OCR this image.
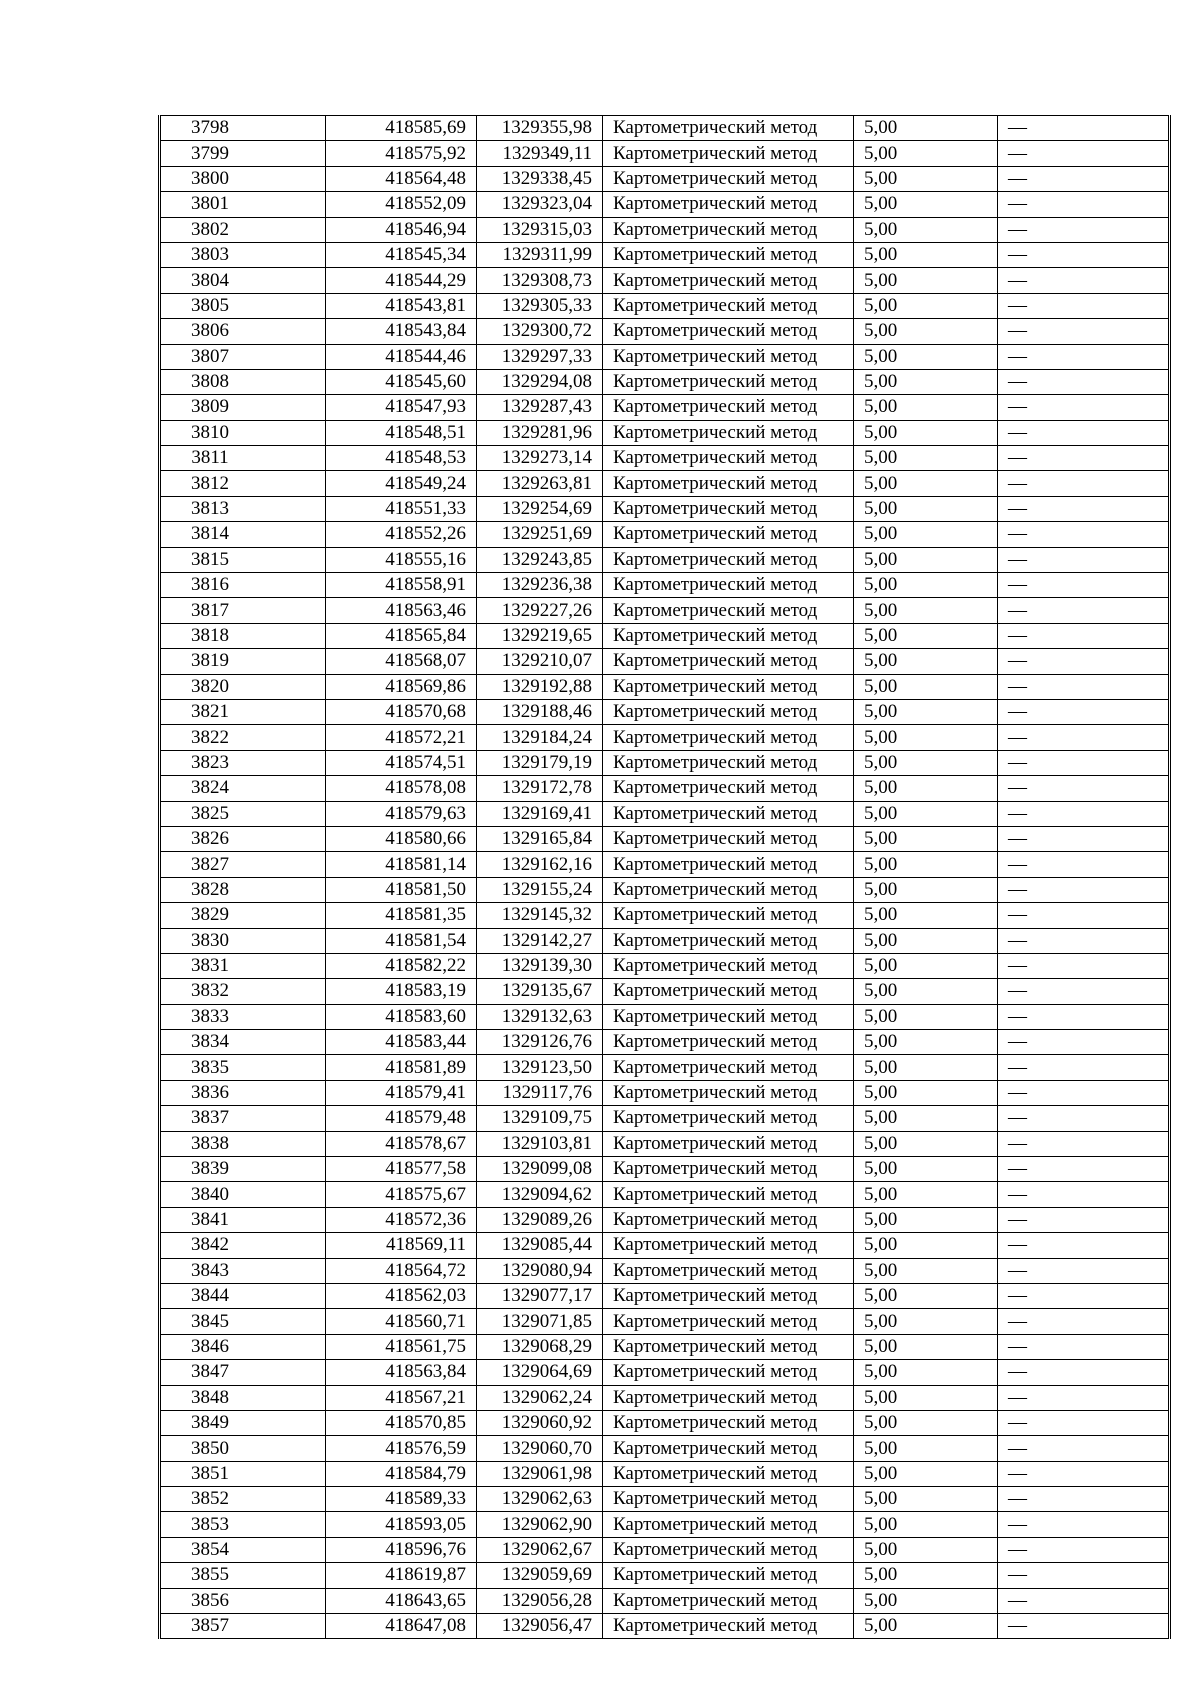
3798	418585,69	1329355,98	Картометрический метод	5,00	—
3799	418575,92	1329349,11	Картометрический метод	5,00	—
3800	418564,48	1329338,45	Картометрический метод	5,00	—
3801	418552,09	1329323,04	Картометрический метод	5,00	—
3802	418546,94	1329315,03	Картометрический метод	5,00	—
3803	418545,34	1329311,99	Картометрический метод	5,00	—
3804	418544,29	1329308,73	Картометрический метод	5,00	—
3805	418543,81	1329305,33	Картометрический метод	5,00	—
3806	418543,84	1329300,72	Картометрический метод	5,00	—
3807	418544,46	1329297,33	Картометрический метод	5,00	—
3808	418545,60	1329294,08	Картометрический метод	5,00	—
3809	418547,93	1329287,43	Картометрический метод	5,00	—
3810	418548,51	1329281,96	Картометрический метод	5,00	—
3811	418548,53	1329273,14	Картометрический метод	5,00	—
3812	418549,24	1329263,81	Картометрический метод	5,00	—
3813	418551,33	1329254,69	Картометрический метод	5,00	—
3814	418552,26	1329251,69	Картометрический метод	5,00	—
3815	418555,16	1329243,85	Картометрический метод	5,00	—
3816	418558,91	1329236,38	Картометрический метод	5,00	—
3817	418563,46	1329227,26	Картометрический метод	5,00	—
3818	418565,84	1329219,65	Картометрический метод	5,00	—
3819	418568,07	1329210,07	Картометрический метод	5,00	—
3820	418569,86	1329192,88	Картометрический метод	5,00	—
3821	418570,68	1329188,46	Картометрический метод	5,00	—
3822	418572,21	1329184,24	Картометрический метод	5,00	—
3823	418574,51	1329179,19	Картометрический метод	5,00	—
3824	418578,08	1329172,78	Картометрический метод	5,00	—
3825	418579,63	1329169,41	Картометрический метод	5,00	—
3826	418580,66	1329165,84	Картометрический метод	5,00	—
3827	418581,14	1329162,16	Картометрический метод	5,00	—
3828	418581,50	1329155,24	Картометрический метод	5,00	—
3829	418581,35	1329145,32	Картометрический метод	5,00	—
3830	418581,54	1329142,27	Картометрический метод	5,00	—
3831	418582,22	1329139,30	Картометрический метод	5,00	—
3832	418583,19	1329135,67	Картометрический метод	5,00	—
3833	418583,60	1329132,63	Картометрический метод	5,00	—
3834	418583,44	1329126,76	Картометрический метод	5,00	—
3835	418581,89	1329123,50	Картометрический метод	5,00	—
3836	418579,41	1329117,76	Картометрический метод	5,00	—
3837	418579,48	1329109,75	Картометрический метод	5,00	—
3838	418578,67	1329103,81	Картометрический метод	5,00	—
3839	418577,58	1329099,08	Картометрический метод	5,00	—
3840	418575,67	1329094,62	Картометрический метод	5,00	—
3841	418572,36	1329089,26	Картометрический метод	5,00	—
3842	418569,11	1329085,44	Картометрический метод	5,00	—
3843	418564,72	1329080,94	Картометрический метод	5,00	—
3844	418562,03	1329077,17	Картометрический метод	5,00	—
3845	418560,71	1329071,85	Картометрический метод	5,00	—
3846	418561,75	1329068,29	Картометрический метод	5,00	—
3847	418563,84	1329064,69	Картометрический метод	5,00	—
3848	418567,21	1329062,24	Картометрический метод	5,00	—
3849	418570,85	1329060,92	Картометрический метод	5,00	—
3850	418576,59	1329060,70	Картометрический метод	5,00	—
3851	418584,79	1329061,98	Картометрический метод	5,00	—
3852	418589,33	1329062,63	Картометрический метод	5,00	—
3853	418593,05	1329062,90	Картометрический метод	5,00	—
3854	418596,76	1329062,67	Картометрический метод	5,00	—
3855	418619,87	1329059,69	Картометрический метод	5,00	—
3856	418643,65	1329056,28	Картометрический метод	5,00	—
3857	418647,08	1329056,47	Картометрический метод	5,00	—
